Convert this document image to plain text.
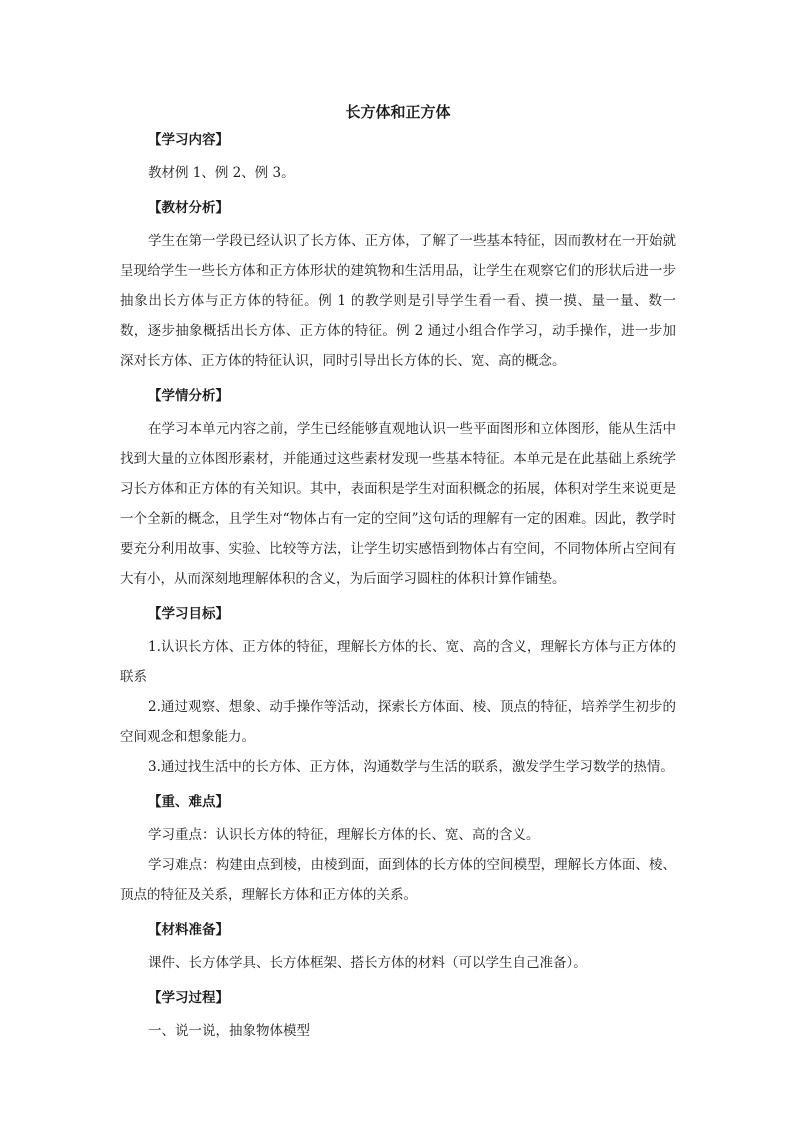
长方体和正方体
【学习内容】

教材例 1、例 2、例 3。

【教材分析】

学生在第一学段已经认识了长方体、正方体，了解了一些基本特征，因而教材在一开始就呈现给学生一些长方体和正方体形状的建筑物和生活用品，让学生在观察它们的形状后进一步抽象出长方体与正方体的特征。例 1 的教学则是引导学生看一看、摸一摸、量一量、数一数，逐步抽象概括出长方体、正方体的特征。例 2 通过小组合作学习，动手操作，进一步加深对长方体、正方体的特征认识，同时引导出长方体的长、宽、高的概念。

【学情分析】

在学习本单元内容之前，学生已经能够直观地认识一些平面图形和立体图形，能从生活中找到大量的立体图形素材，并能通过这些素材发现一些基本特征。本单元是在此基础上系统学习长方体和正方体的有关知识。其中，表面积是学生对面积概念的拓展，体积对学生来说更是一个全新的概念，且学生对“物体占有一定的空间”这句话的理解有一定的困难。因此，教学时要充分利用故事、实验、比较等方法，让学生切实感悟到物体占有空间，不同物体所占空间有大有小，从而深刻地理解体积的含义，为后面学习圆柱的体积计算作铺垫。

【学习目标】

1.认识长方体、正方体的特征，理解长方体的长、宽、高的含义，理解长方体与正方体的联系

2.通过观察、想象、动手操作等活动，探索长方体面、棱、顶点的特征，培养学生初步的空间观念和想象能力。

3.通过找生活中的长方体、正方体，沟通数学与生活的联系，激发学生学习数学的热情。

【重、难点】

学习重点：认识长方体的特征，理解长方体的长、宽、高的含义。

学习难点：构建由点到棱，由棱到面，面到体的长方体的空间模型，理解长方体面、棱、顶点的特征及关系，理解长方体和正方体的关系。

【材料准备】

课件、长方体学具、长方体框架、搭长方体的材料（可以学生自己准备）。

【学习过程】

一、说一说，抽象物体模型
